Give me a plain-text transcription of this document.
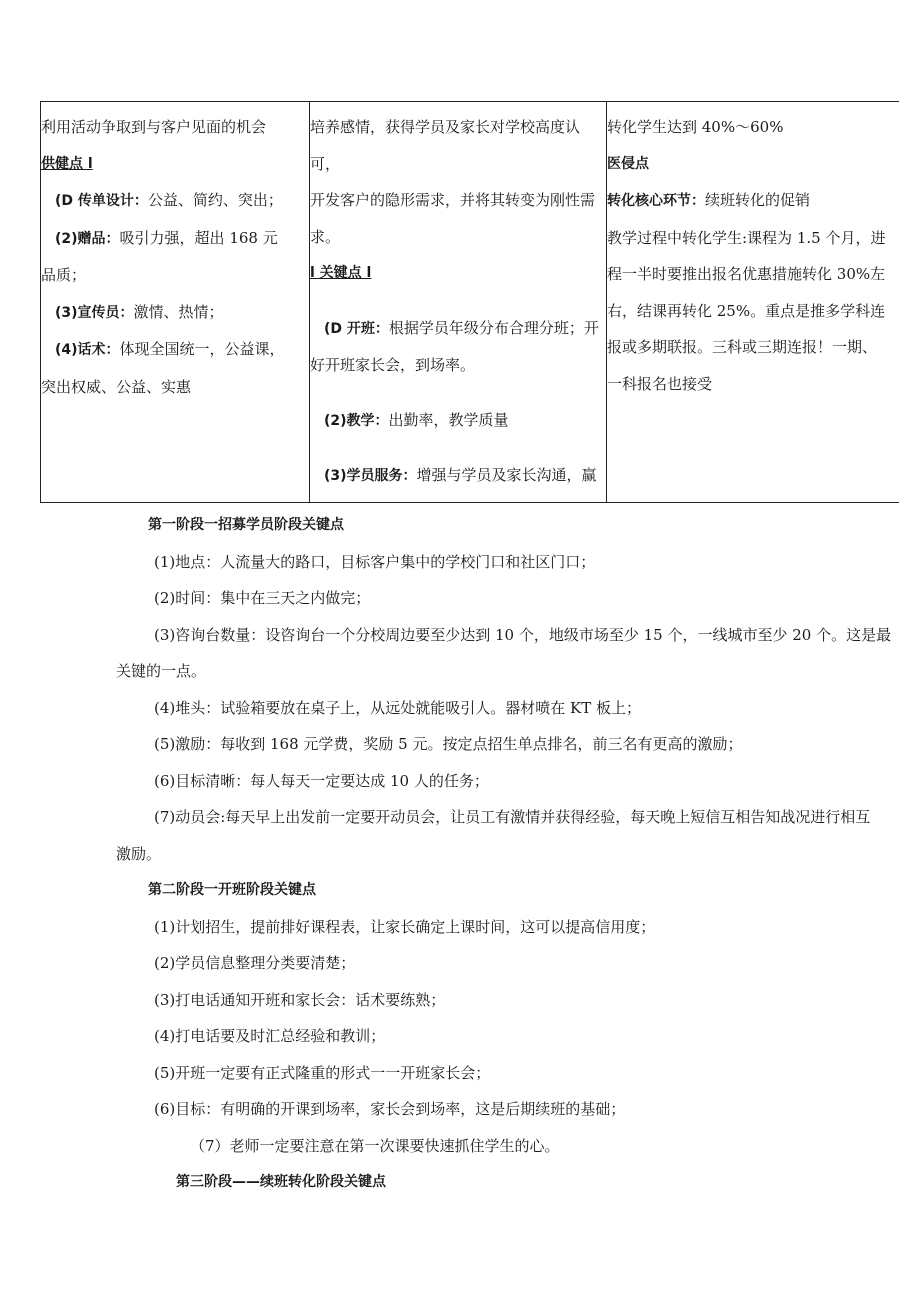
利用活动争取到与客户见面的机会

供健点 l

(D 传单设计：公益、简约、突出；

(2)赠品：吸引力强，超出 168 元

品质；

(3)宣传员：激情、热情；

(4)话术：体现全国统一，公益课，

突出权威、公益、实惠

培养感情，获得学员及家长对学校高度认可，

开发客户的隐形需求，并将其转变为刚性需

求。

l 关键点 l

(D 开班：根据学员年级分布合理分班；开

好开班家长会，到场率。

(2)教学：出勤率，教学质量

(3)学员服务：增强与学员及家长沟通，赢

转化学生达到 40%～60%

医侵点

转化核心环节：续班转化的促销

教学过程中转化学生:课程为 1.5 个月，进

程一半时要推出报名优惠措施转化 30%左

右，结课再转化 25%。重点是推多学科连

报或多期联报。三科或三期连报！一期、

一科报名也接受

第一阶段一招募学员阶段关键点

(1)地点：人流量大的路口，目标客户集中的学校门口和社区门口；

(2)时间：集中在三天之内做完；

(3)咨询台数量：设咨询台一个分校周边要至少达到 10 个，地级市场至少 15 个，一线城市至少 20 个。这是最

关键的一点。

(4)堆头：试验箱要放在桌子上，从远处就能吸引人。器材喷在 KT 板上；

(5)激励：每收到 168 元学费，奖励 5 元。按定点招生单点排名，前三名有更高的激励；

(6)目标清晰：每人每天一定要达成 10 人的任务；

(7)动员会:每天早上出发前一定要开动员会，让员工有激情并获得经验，每天晚上短信互相告知战况进行相互

激励。

第二阶段一开班阶段关键点

(1)计划招生，提前排好课程表，让家长确定上课时间，这可以提高信用度；

(2)学员信息整理分类要清楚；

(3)打电话通知开班和家长会：话术要练熟；

(4)打电话要及时汇总经验和教训；

(5)开班一定要有正式隆重的形式一一开班家长会；

(6)目标：有明确的开课到场率，家长会到场率，这是后期续班的基础；

（7）老师一定要注意在第一次课要快速抓住学生的心。

第三阶段——续班转化阶段关键点
